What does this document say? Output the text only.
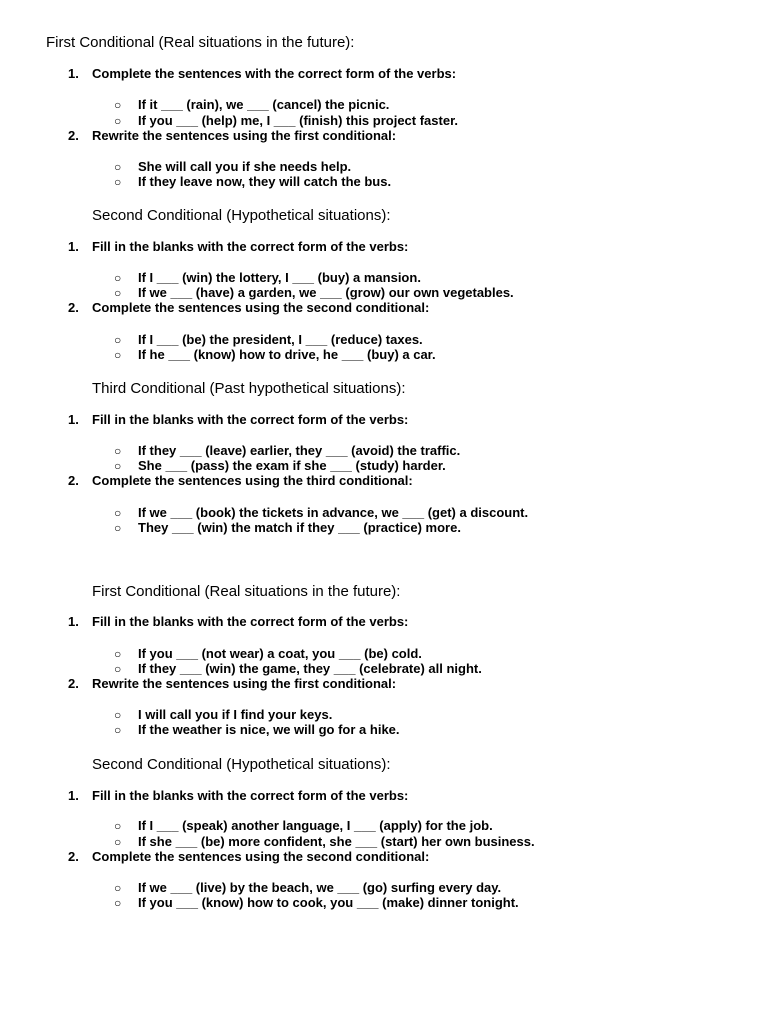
First Conditional (Real situations in the future):
1. Complete the sentences with the correct form of the verbs:
○ If it ___ (rain), we ___ (cancel) the picnic.
○ If you ___ (help) me, I ___ (finish) this project faster.
2. Rewrite the sentences using the first conditional:
○ She will call you if she needs help.
○ If they leave now, they will catch the bus.
Second Conditional (Hypothetical situations):
1. Fill in the blanks with the correct form of the verbs:
○ If I ___ (win) the lottery, I ___ (buy) a mansion.
○ If we ___ (have) a garden, we ___ (grow) our own vegetables.
2. Complete the sentences using the second conditional:
○ If I ___ (be) the president, I ___ (reduce) taxes.
○ If he ___ (know) how to drive, he ___ (buy) a car.
Third Conditional (Past hypothetical situations):
1. Fill in the blanks with the correct form of the verbs:
○ If they ___ (leave) earlier, they ___ (avoid) the traffic.
○ She ___ (pass) the exam if she ___ (study) harder.
2. Complete the sentences using the third conditional:
○ If we ___ (book) the tickets in advance, we ___ (get) a discount.
○ They ___ (win) the match if they ___ (practice) more.
First Conditional (Real situations in the future):
1. Fill in the blanks with the correct form of the verbs:
○ If you ___ (not wear) a coat, you ___ (be) cold.
○ If they ___ (win) the game, they ___ (celebrate) all night.
2. Rewrite the sentences using the first conditional:
○ I will call you if I find your keys.
○ If the weather is nice, we will go for a hike.
Second Conditional (Hypothetical situations):
1. Fill in the blanks with the correct form of the verbs:
○ If I ___ (speak) another language, I ___ (apply) for the job.
○ If she ___ (be) more confident, she ___ (start) her own business.
2. Complete the sentences using the second conditional:
○ If we ___ (live) by the beach, we ___ (go) surfing every day.
○ If you ___ (know) how to cook, you ___ (make) dinner tonight.
